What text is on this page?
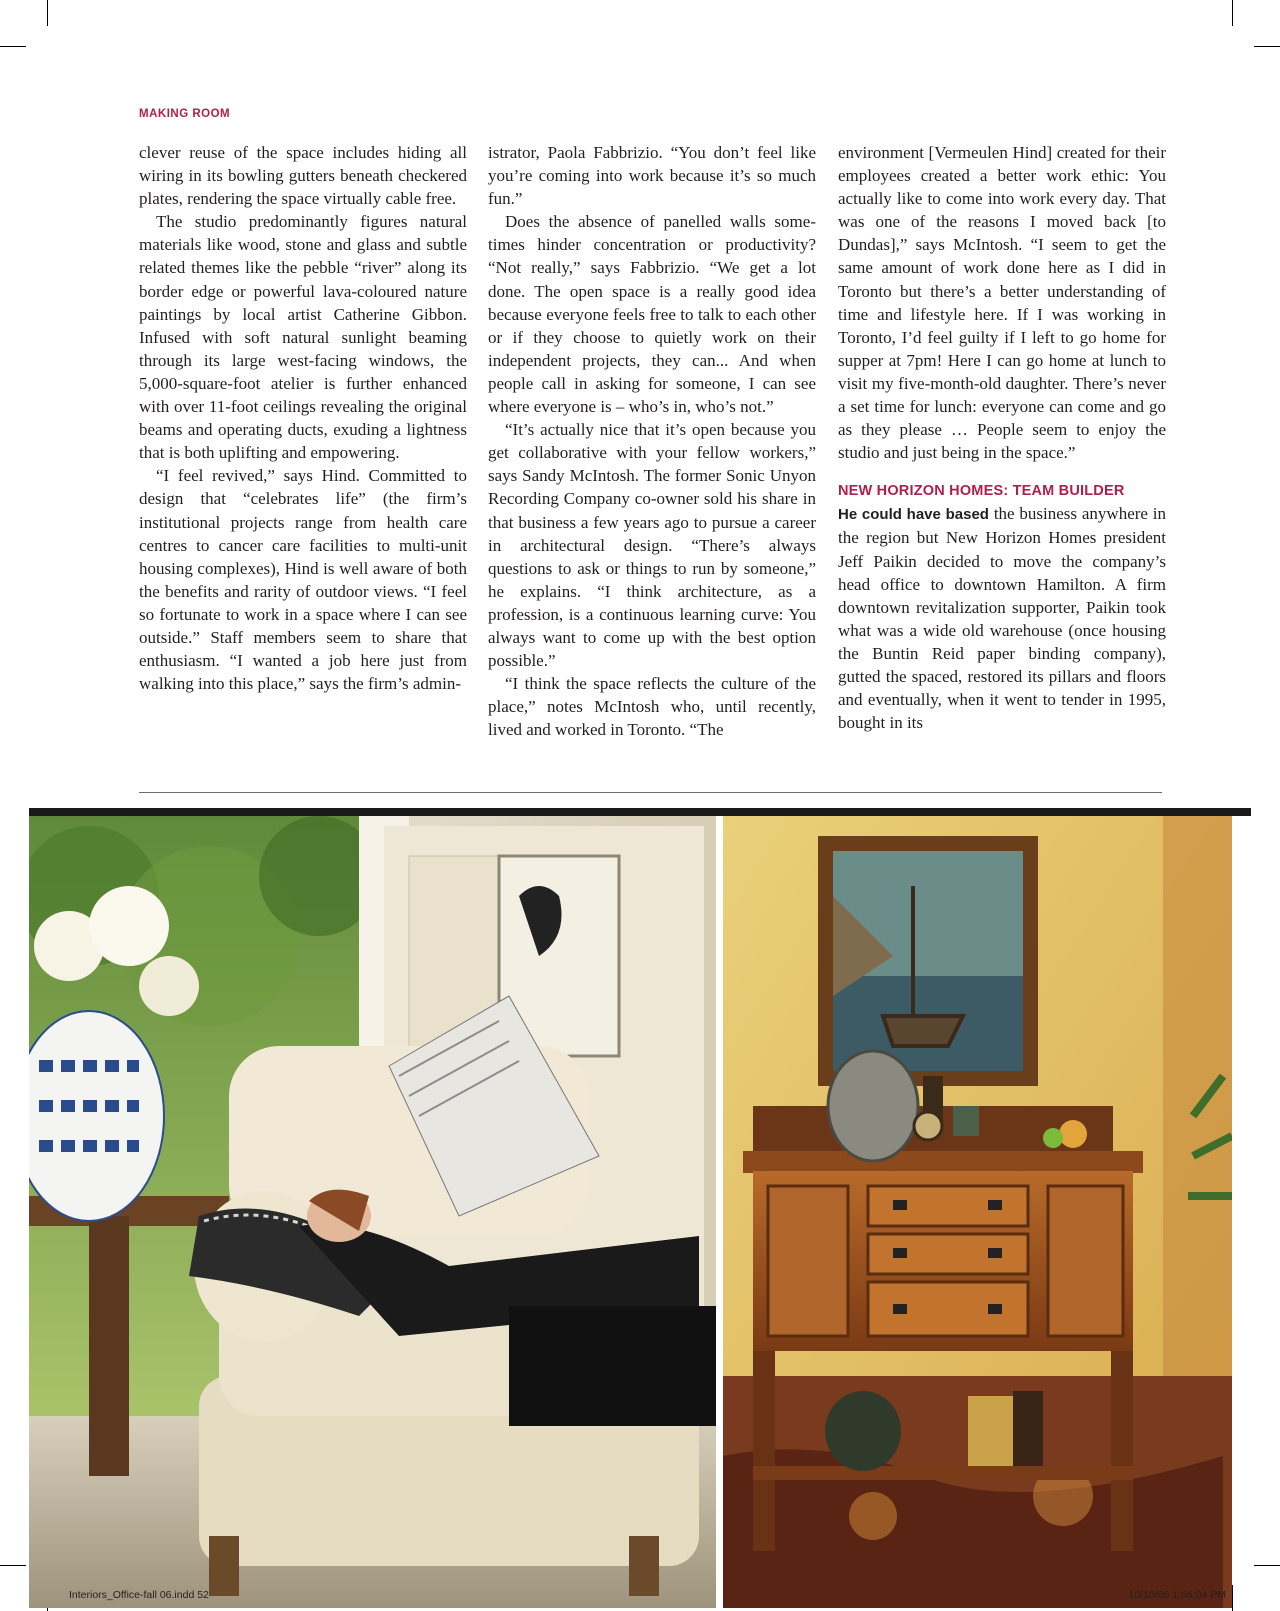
MAKING ROOM

clever reuse of the space includes hiding all wiring in its bowling gutters beneath checkered plates, rendering the space virtually cable free.

The studio predominantly figures natural materials like wood, stone and glass and subtle related themes like the pebble “river” along its border edge or powerful lava-coloured nature paintings by local artist Catherine Gibbon. Infused with soft natural sunlight beaming through its large west-facing windows, the 5,000-square-foot atelier is further enhanced with over 11-foot ceilings revealing the original beams and operating ducts, exuding a lightness that is both uplifting and empowering.

“I feel revived,” says Hind. Committed to design that “celebrates life” (the firm’s institutional projects range from health care centres to cancer care facilities to multi-unit housing complexes), Hind is well aware of both the benefits and rarity of outdoor views. “I feel so fortunate to work in a space where I can see outside.” Staff members seem to share that enthusiasm. “I wanted a job here just from walking into this place,” says the firm’s admin-

istrator, Paola Fabbrizio. “You don’t feel like you’re coming into work because it’s so much fun.”

Does the absence of panelled walls sometimes hinder concentration or productivity? “Not really,” says Fabbrizio. “We get a lot done. The open space is a really good idea because everyone feels free to talk to each other or if they choose to quietly work on their independent projects, they can... And when people call in asking for someone, I can see where everyone is – who’s in, who’s not.”

“It’s actually nice that it’s open because you get collaborative with your fellow workers,” says Sandy McIntosh. The former Sonic Unyon Recording Company co-owner sold his share in that business a few years ago to pursue a career in architectural design. “There’s always questions to ask or things to run by someone,” he explains. “I think architecture, as a profession, is a continuous learning curve: You always want to come up with the best option possible.”

“I think the space reflects the culture of the place,” notes McIntosh who, until recently, lived and worked in Toronto. “The

environment [Vermeulen Hind] created for their employees created a better work ethic: You actually like to come into work every day. That was one of the reasons I moved back [to Dundas],” says McIntosh. “I seem to get the same amount of work done here as I did in Toronto but there’s a better understanding of time and lifestyle here. If I was working in Toronto, I’d feel guilty if I left to go home for supper at 7pm! Here I can go home at lunch to visit my five-month-old daughter. There’s never a set time for lunch: everyone can come and go as they please … People seem to enjoy the studio and just being in the space.”

NEW HORIZON HOMES: TEAM BUILDER

He could have based the business anywhere in the region but New Horizon Homes president Jeff Paikin decided to move the company’s head office to downtown Hamilton. A firm downtown revitalization supporter, Paikin took what was a wide old warehouse (once housing the Buntin Reid paper binding company), gutted the spaced, restored its pillars and floors and eventually, when it went to tender in 1995, bought in its

Interiors_Office-fall 06.indd 52	10/10/06 1:06:04 PM
